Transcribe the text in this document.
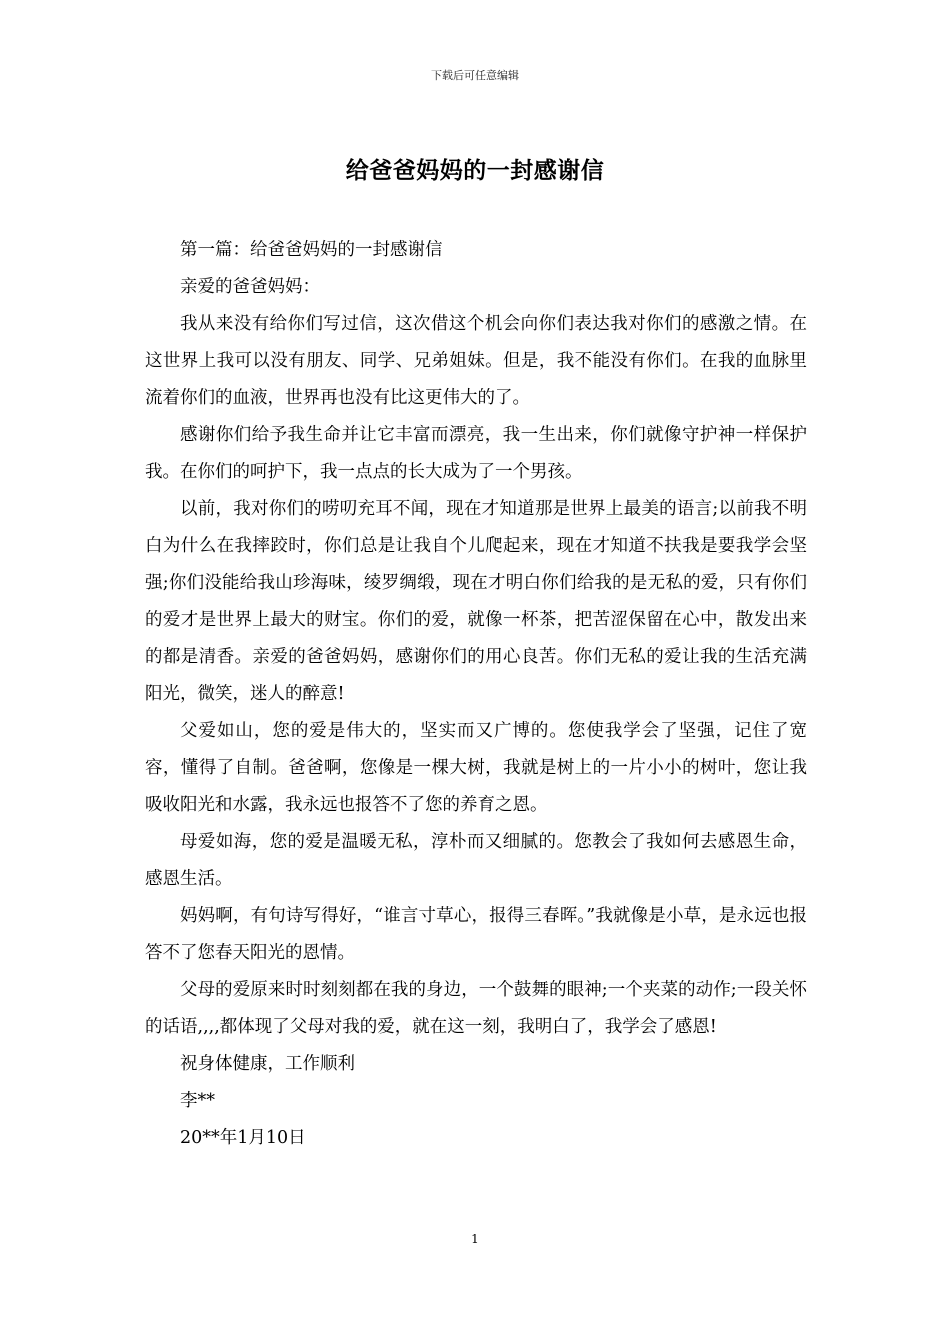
下载后可任意编辑
给爸爸妈妈的一封感谢信

第一篇：给爸爸妈妈的一封感谢信

亲爱的爸爸妈妈：

我从来没有给你们写过信，这次借这个机会向你们表达我对你们的感激之情。在这世界上我可以没有朋友、同学、兄弟姐妹。但是，我不能没有你们。在我的血脉里流着你们的血液，世界再也没有比这更伟大的了。

感谢你们给予我生命并让它丰富而漂亮，我一生出来，你们就像守护神一样保护我。在你们的呵护下，我一点点的长大成为了一个男孩。

以前，我对你们的唠叨充耳不闻，现在才知道那是世界上最美的语言;以前我不明白为什么在我摔跤时，你们总是让我自个儿爬起来，现在才知道不扶我是要我学会坚强;你们没能给我山珍海味，绫罗绸缎，现在才明白你们给我的是无私的爱，只有你们的爱才是世界上最大的财宝。你们的爱，就像一杯茶，把苦涩保留在心中，散发出来的都是清香。亲爱的爸爸妈妈，感谢你们的用心良苦。你们无私的爱让我的生活充满阳光，微笑，迷人的醉意!

父爱如山，您的爱是伟大的，坚实而又广博的。您使我学会了坚强，记住了宽容，懂得了自制。爸爸啊，您像是一棵大树，我就是树上的一片小小的树叶，您让我吸收阳光和水露，我永远也报答不了您的养育之恩。

母爱如海，您的爱是温暖无私，淳朴而又细腻的。您教会了我如何去感恩生命，感恩生活。

妈妈啊，有句诗写得好，“谁言寸草心，报得三春晖。”我就像是小草，是永远也报答不了您春天阳光的恩情。

父母的爱原来时时刻刻都在我的身边，一个鼓舞的眼神;一个夹菜的动作;一段关怀的话语,,,,都体现了父母对我的爱，就在这一刻，我明白了，我学会了感恩!

祝身体健康，工作顺利

李**

20**年1月10日

1
